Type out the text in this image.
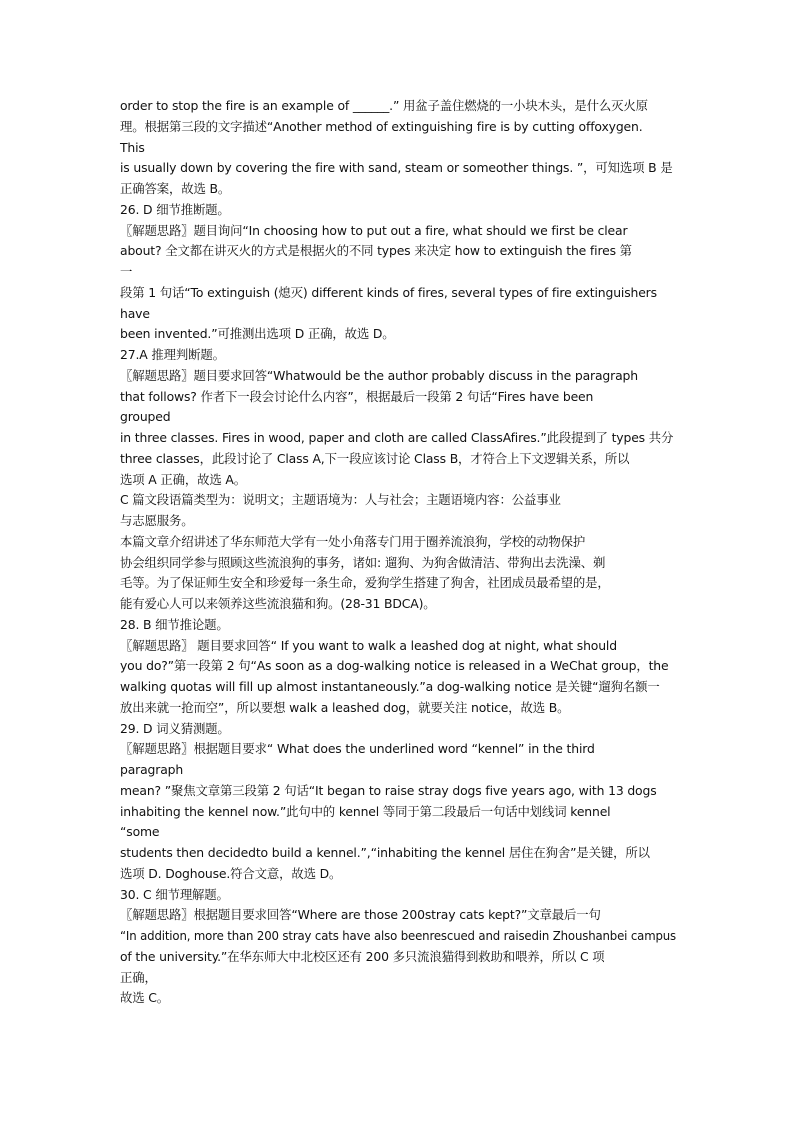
order to stop the fire is an example of ______.” 用盆子盖住燃烧的一小块木头，是什么灭火原
理。根据第三段的文字描述“Another method of extinguishing fire is by cutting offoxygen.
This
is usually down by covering the fire with sand, steam or someother things. ”，可知选项 B 是
正确答案，故选 B。
26. D 细节推断题。
〖解题思路〗题目询问“In choosing how to put out a fire, what should we first be clear
about? 全文都在讲灭火的方式是根据火的不同 types 来决定 how to extinguish the fires 第
一
段第 1 句话“To extinguish (熄灭) different kinds of fires, several types of fire extinguishers
have
been invented.”可推测出选项 D 正确，故选 D。
27.A 推理判断题。
〖解题思路〗题目要求回答“Whatwould be the author probably discuss in the paragraph
that follows? 作者下一段会讨论什么内容”，根据最后一段第 2 句话“Fires have been
grouped
in three classes. Fires in wood, paper and cloth are called ClassAfires.”此段提到了 types 共分
three classes，此段讨论了 Class A,下一段应该讨论 Class B，才符合上下文逻辑关系，所以
选项 A 正确，故选 A。
C 篇文段语篇类型为：说明文；主题语境为：人与社会；主题语境内容：公益事业
与志愿服务。
本篇文章介绍讲述了华东师范大学有一处小角落专门用于圈养流浪狗，学校的动物保护
协会组织同学参与照顾这些流浪狗的事务，诸如: 遛狗、为狗舍做清洁、带狗出去洗澡、剃
毛等。为了保证师生安全和珍爱每一条生命，爱狗学生搭建了狗舍，社团成员最希望的是，
能有爱心人可以来领养这些流浪猫和狗。(28-31 BDCA)。
28. B 细节推论题。
〖解题思路〗 题目要求回答“ If you want to walk a leashed dog at night, what should
you do?”第一段第 2 句“As soon as a dog-walking notice is released in a WeChat group，the
walking quotas will fill up almost instantaneously.”a dog-walking notice 是关键“遛狗名额一
放出来就一抢而空”，所以要想 walk a leashed dog，就要关注 notice，故选 B。
29. D 词义猜测题。
〖解题思路〗根据题目要求“ What does the underlined word “kennel” in the third
paragraph
mean? ”聚焦文章第三段第 2 句话“It began to raise stray dogs five years ago, with 13 dogs
inhabiting the kennel now.”此句中的 kennel 等同于第二段最后一句话中划线词 kennel
“some
students then decidedto build a kennel.”,“inhabiting the kennel 居住在狗舍”是关键，所以
选项 D. Doghouse.符合文意，故选 D。
30. C 细节理解题。
〖解题思路〗根据题目要求回答“Where are those 200stray cats kept?”文章最后一句
“In addition, more than 200 stray cats have also beenrescued and raisedin Zhoushanbei campus
of the university.”在华东师大中北校区还有 200 多只流浪猫得到救助和喂养，所以 C 项
正确，
故选 C。
